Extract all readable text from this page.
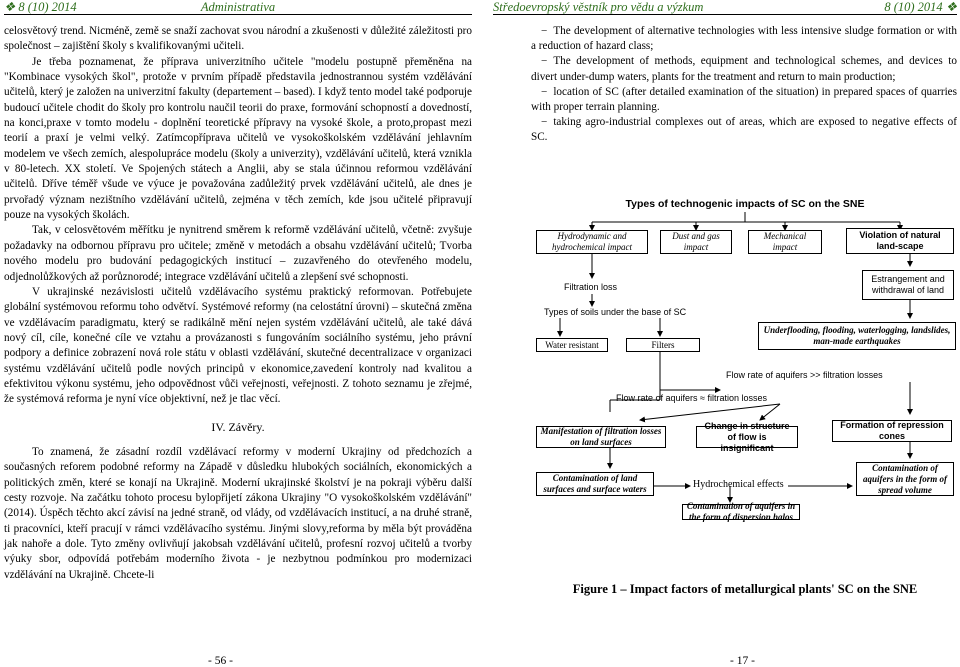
❖ 8 (10) 2014	Administrativa	Středoevropský věstník pro vědu a výzkum	8 (10) 2014 ❖

celosvětový trend. Nicméně, země se snaží zachovat svou národní a zkušenosti v důležité záležitosti pro společnost – zajištění školy s kvalifikovanými učiteli.

Je třeba poznamenat, že příprava univerzitního učitele "modelu postupně přeměněna na "Kombinace vysokých škol", protože v prvním případě představila jednostrannou systém vzdělávání učitelů, který je založen na univerzitní fakulty (departement – based). I když tento model také podporuje budoucí učitele chodit do školy pro kontrolu naučil teorii do praxe, formování schopností a dovedností, na konci,praxe v tomto modelu - doplnění teoretické přípravy na vysoké škole, a proto,propast mezi teorií a praxí je velmi velký. Zatímcopříprava učitelů ve vysokoškolském vzdělávání jehlavním modelem ve všech zemích, alespolupráce modelu (školy a univerzity), vzdělávání učitelů, která vznikla v 80-letech. XX století. Ve Spojených státech a Anglii, aby se stala účinnou reformou vzdělávání učitelů. Dříve téměř všude ve výuce je považována zadůležitý prvek vzdělávání učitelů, ale dnes je prvořadý význam nezištního vzdělávání učitelů, zejména v těch zemích, kde jsou učitelé připravují pouze na vysokých školách.

Tak, v celosvětovém měřítku je nynitrend směrem k reformě vzdělávání učitelů, včetně: zvyšuje požadavky na odbornou přípravu pro učitele; změně v metodách a obsahu vzdělávání učitelů; Tvorba nového modelu pro budování pedagogických institucí – zuzavřeného do otevřeného modelu, odjednolůžkových až porůznorodé; integrace vzdělávání učitelů a zlepšení své schopnosti.

V ukrajinské nezávislosti učitelů vzdělávacího systému praktický reformovan. Potřebujete globální systémovou reformu toho odvětví. Systémové reformy (na celostátní úrovni) – skutečná změna ve vzdělávacím paradigmatu, který se radikálně mění nejen systém vzdělávání učitelů, ale také dává nový cíl, cíle, konečné cíle ve vztahu a provázanosti s fungováním sociálního systému, jeho právní podpory a definice zobrazení nová role státu v oblasti vzdělávání, skutečné decentralizace v organizaci systému vzdělávání učitelů podle nových principů v ekonomice,zavedení kontroly nad kvalitou a efektivitou výkonu systému, jeho odpovědnost vůči veřejnosti, veřejnosti. Z tohoto seznamu je zřejmé, že systémová reforma je nyní více objektivní, než je tlac věcí.

IV. Závěry.

To znamená, že zásadní rozdíl vzdělávací reformy v moderní Ukrajiny od předchozích a současných reforem podobné reformy na Západě v důsledku hlubokých sociálních, ekonomických a politických změn, které se konají na Ukrajině. Moderní ukrajinské školství je na pokraji výběru další cesty rozvoje. Na začátku tohoto procesu bylopřijetí zákona Ukrajiny "O vysokoškolském vzdělávání" (2014). Úspěch těchto akcí závisí na jedné straně, od vlády, od vzdělávacích institucí, a na druhé straně, ti pracovníci, kteří pracují v rámci vzdělávacího systému. Jinými slovy,reforma by měla být prováděna jak nahoře a dole. Tyto změny ovlivňují jakobsah vzdělávání učitelů, profesní rozvoj učitelů a tvorby výuky sbor, odpovídá potřebám moderního života - je nezbytnou podmínkou pro modernizaci vzdělávání na Ukrajině. Chcete-li

- 56 -

− The development of alternative technologies with less intensive sludge formation or with a reduction of hazard class;

− The development of methods, equipment and technological schemes, and devices to divert under-dump waters, plants for the treatment and return to main production;

− location of SC (after detailed examination of the situation) in prepared spaces of quarries with proper terrain planning.

− taking agro-industrial complexes out of areas, which are exposed to negative effects of SC.

Types of technogenic impacts of SC on the SNE
Hydrodynamic and hydrochemical impact
Dust and gas impact
Mechanical impact
Violation of natural land-scape
Filtration loss
Estrangement and withdrawal of land
Types of soils under the base of SC
Water resistant	Filters
Underflooding, flooding, waterlogging, landslides, man-made earthquakes
Flow rate of aquifers >> filtration losses
Flow rate of aquifers ≈ filtration losses
Manifestation of filtration losses on land surfaces
Change in structure of flow is insignificant
Formation of repression cones
Contamination of land surfaces and surface waters	Hydrochemical effects
Contamination of aquifers in the form of spread volume
Contamination of aquifers in the form of dispersion halos
Figure 1 – Impact factors of metallurgical plants' SC on the SNE
- 17 -
